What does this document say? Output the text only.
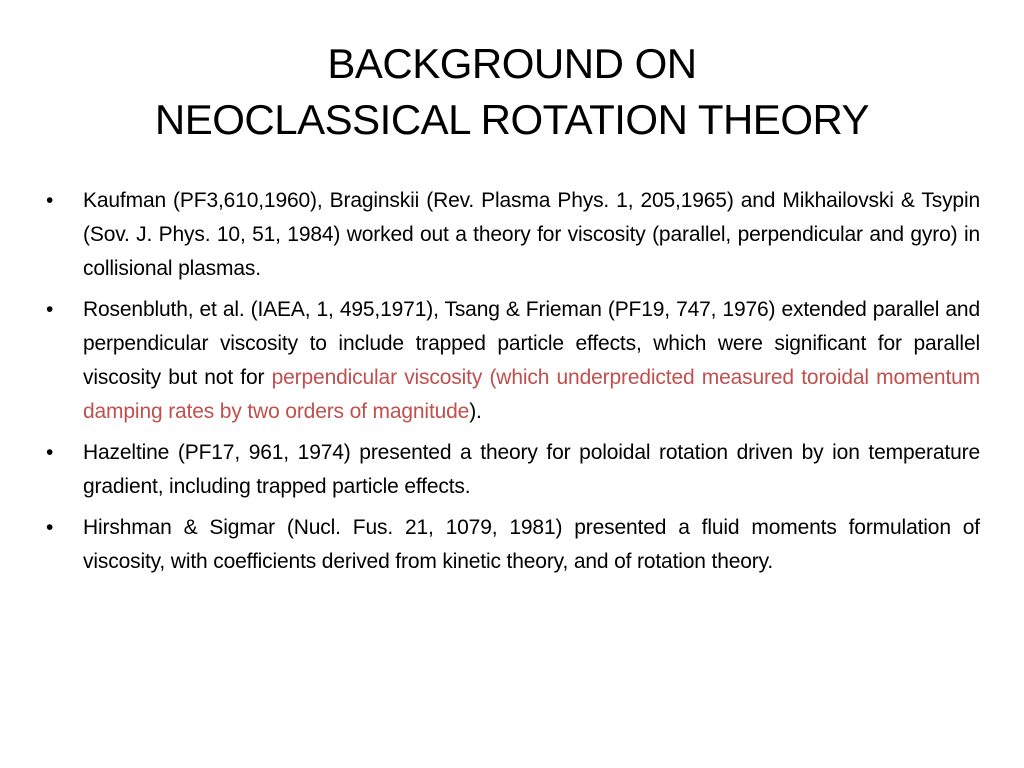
BACKGROUND ON
NEOCLASSICAL ROTATION THEORY
•	Kaufman (PF3,610,1960), Braginskii (Rev. Plasma Phys. 1, 205,1965) and Mikhailovski & Tsypin (Sov. J. Phys. 10, 51, 1984) worked out a theory for viscosity (parallel, perpendicular and gyro) in collisional plasmas.
•	Rosenbluth, et al. (IAEA, 1, 495,1971), Tsang & Frieman (PF19, 747, 1976) extended parallel and perpendicular viscosity to include trapped particle effects, which were significant for parallel viscosity but not for perpendicular viscosity (which underpredicted measured toroidal momentum damping rates by two orders of magnitude).
•	Hazeltine (PF17, 961, 1974) presented a theory for poloidal rotation driven by ion temperature gradient, including trapped particle effects.
•	Hirshman & Sigmar (Nucl. Fus. 21, 1079, 1981) presented a fluid moments formulation of viscosity, with coefficients derived from kinetic theory, and of rotation theory.
